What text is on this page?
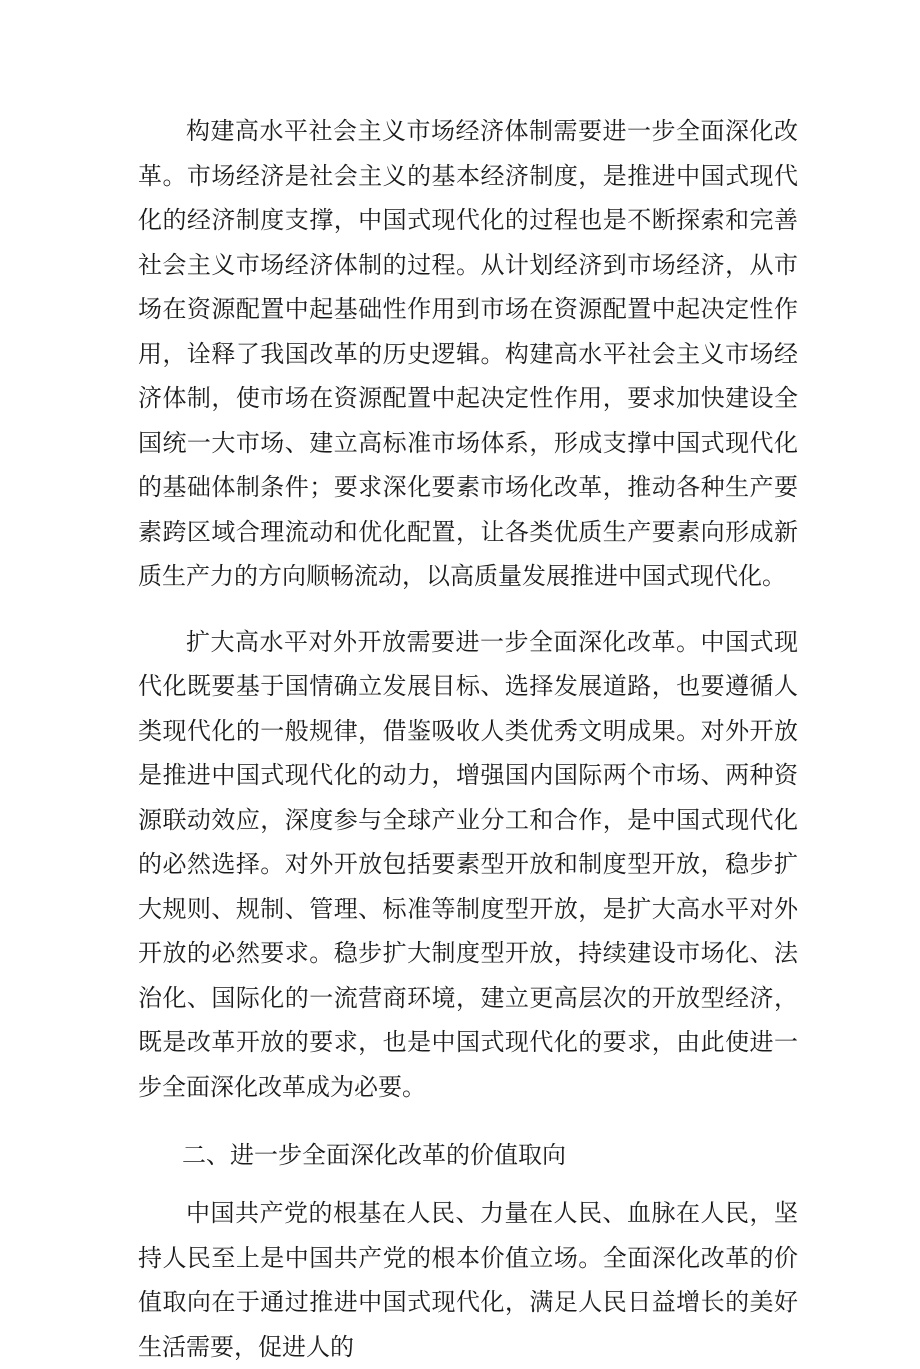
构建高水平社会主义市场经济体制需要进一步全面深化改革。市场经济是社会主义的基本经济制度，是推进中国式现代化的经济制度支撑，中国式现代化的过程也是不断探索和完善社会主义市场经济体制的过程。从计划经济到市场经济，从市场在资源配置中起基础性作用到市场在资源配置中起决定性作用，诠释了我国改革的历史逻辑。构建高水平社会主义市场经济体制，使市场在资源配置中起决定性作用，要求加快建设全国统一大市场、建立高标准市场体系，形成支撑中国式现代化的基础体制条件；要求深化要素市场化改革，推动各种生产要素跨区域合理流动和优化配置，让各类优质生产要素向形成新质生产力的方向顺畅流动，以高质量发展推进中国式现代化。

扩大高水平对外开放需要进一步全面深化改革。中国式现代化既要基于国情确立发展目标、选择发展道路，也要遵循人类现代化的一般规律，借鉴吸收人类优秀文明成果。对外开放是推进中国式现代化的动力，增强国内国际两个市场、两种资源联动效应，深度参与全球产业分工和合作，是中国式现代化的必然选择。对外开放包括要素型开放和制度型开放，稳步扩大规则、规制、管理、标准等制度型开放，是扩大高水平对外开放的必然要求。稳步扩大制度型开放，持续建设市场化、法治化、国际化的一流营商环境，建立更高层次的开放型经济，既是改革开放的要求，也是中国式现代化的要求，由此使进一步全面深化改革成为必要。

二、进一步全面深化改革的价值取向

中国共产党的根基在人民、力量在人民、血脉在人民，坚持人民至上是中国共产党的根本价值立场。全面深化改革的价值取向在于通过推进中国式现代化，满足人民日益增长的美好生活需要，促进人的
